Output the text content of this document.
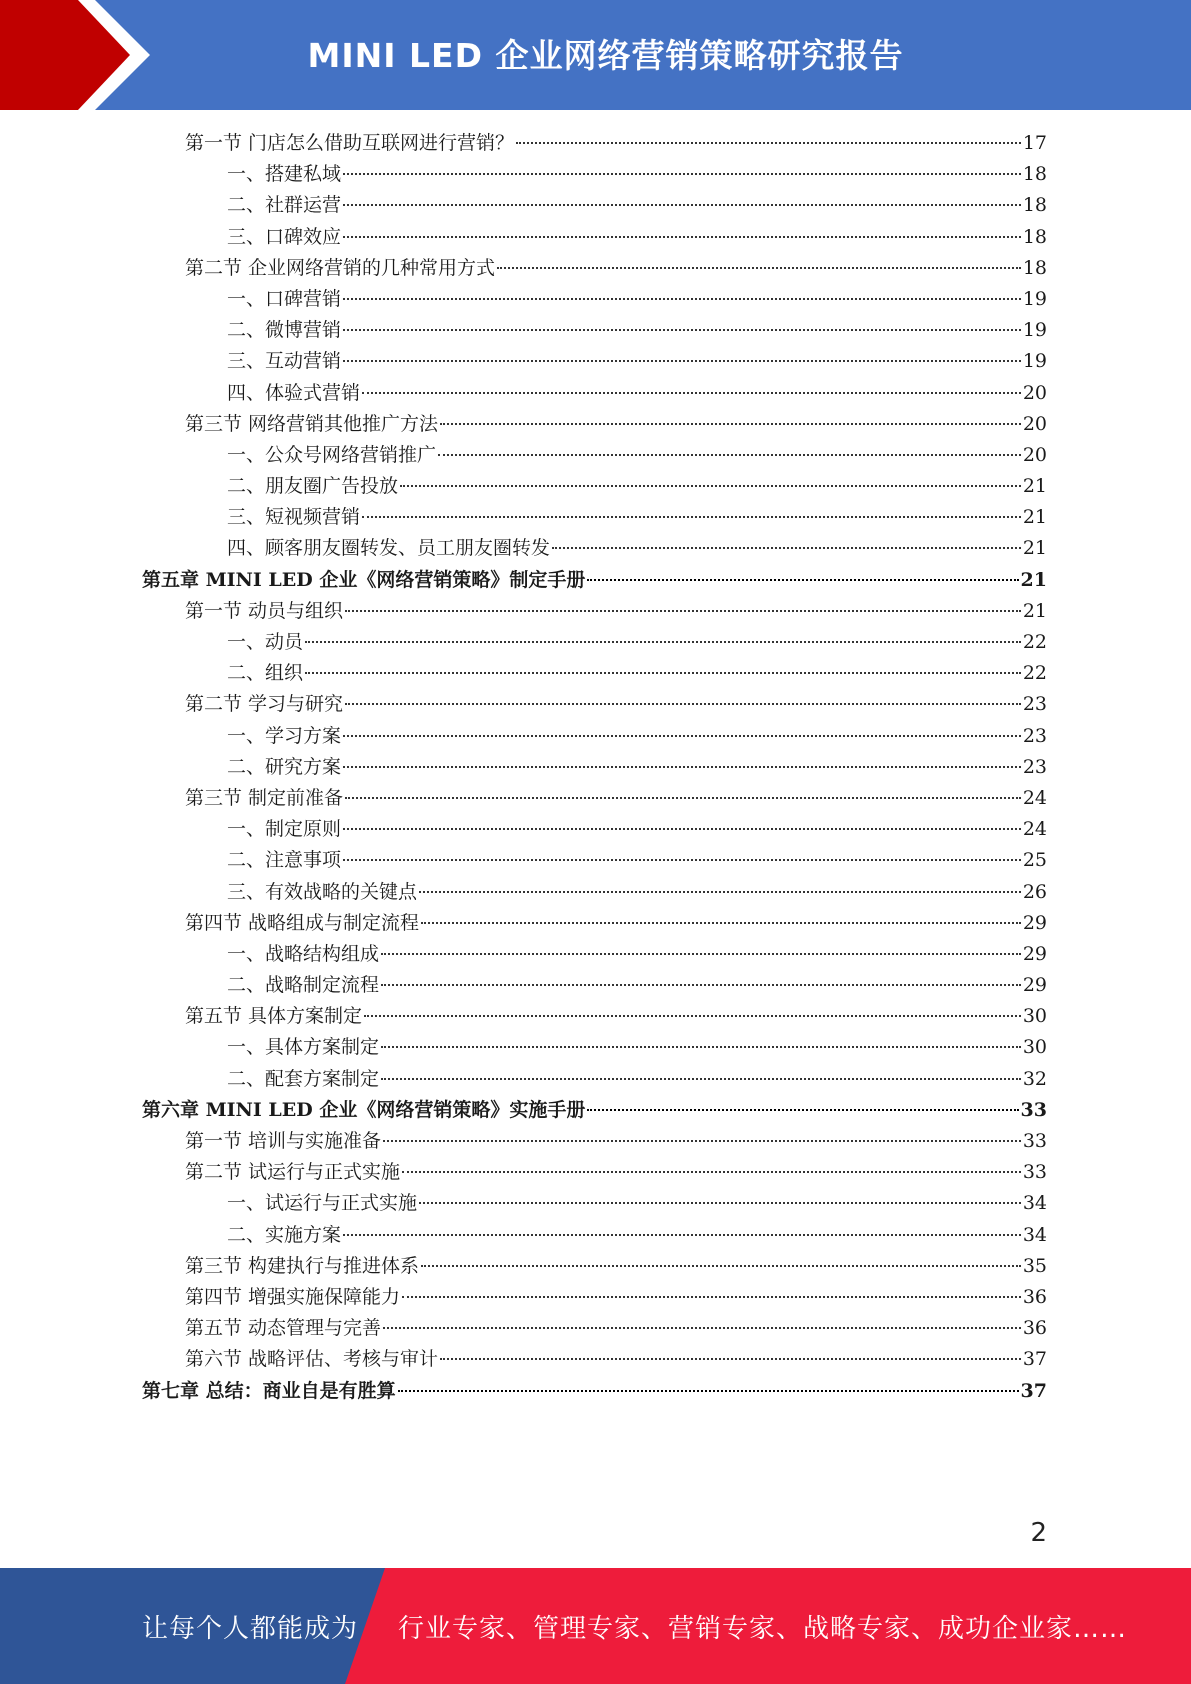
MINI LED 企业网络营销策略研究报告
第一节 门店怎么借助互联网进行营销？	17
一、搭建私域	18
二、社群运营	18
三、口碑效应	18
第二节 企业网络营销的几种常用方式	18
一、口碑营销	19
二、微博营销	19
三、互动营销	19
四、体验式营销	20
第三节 网络营销其他推广方法	20
一、公众号网络营销推广	20
二、朋友圈广告投放	21
三、短视频营销	21
四、顾客朋友圈转发、员工朋友圈转发	21
第五章 MINI LED 企业《网络营销策略》制定手册	21
第一节 动员与组织	21
一、动员	22
二、组织	22
第二节 学习与研究	23
一、学习方案	23
二、研究方案	23
第三节 制定前准备	24
一、制定原则	24
二、注意事项	25
三、有效战略的关键点	26
第四节 战略组成与制定流程	29
一、战略结构组成	29
二、战略制定流程	29
第五节 具体方案制定	30
一、具体方案制定	30
二、配套方案制定	32
第六章 MINI LED 企业《网络营销策略》实施手册	33
第一节 培训与实施准备	33
第二节 试运行与正式实施	33
一、试运行与正式实施	34
二、实施方案	34
第三节 构建执行与推进体系	35
第四节 增强实施保障能力	36
第五节 动态管理与完善	36
第六节 战略评估、考核与审计	37
第七章 总结：商业自是有胜算	37
2
让每个人都能成为 行业专家、管理专家、营销专家、战略专家、成功企业家……
